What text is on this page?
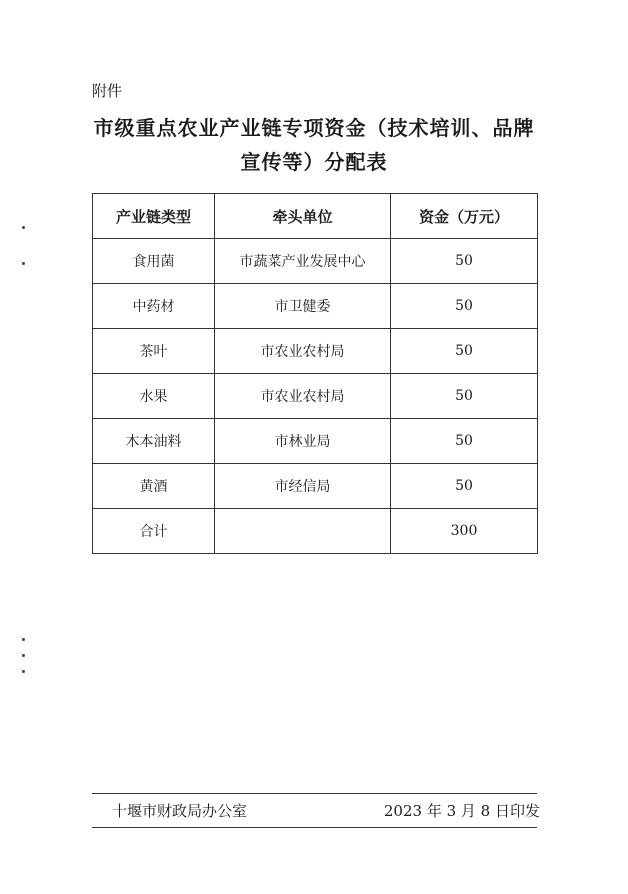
附件
市级重点农业产业链专项资金（技术培训、品牌
宣传等）分配表
产业链类型	牵头单位	资金（万元）
食用菌	市蔬菜产业发展中心	50
中药材	市卫健委	50
茶叶	市农业农村局	50
水果	市农业农村局	50
木本油料	市林业局	50
黄酒	市经信局	50
合计		300
十堰市财政局办公室	2023 年 3 月 8 日印发
